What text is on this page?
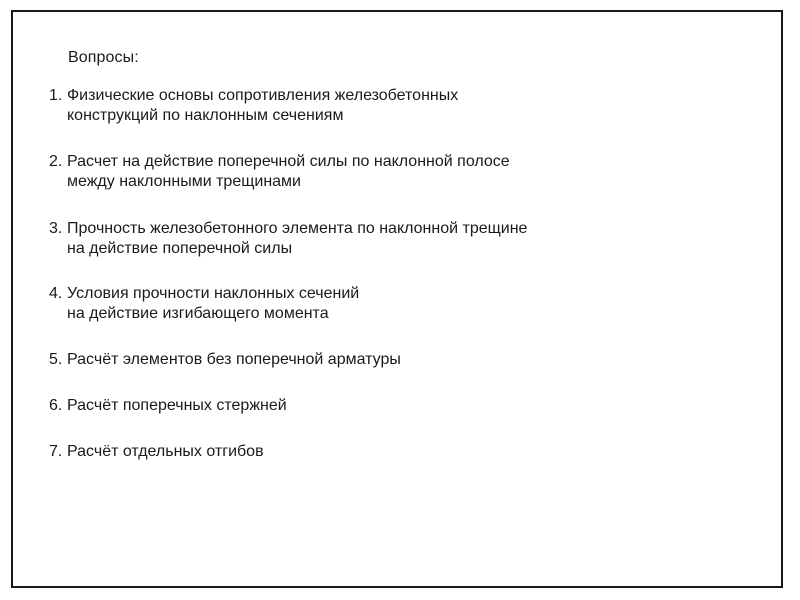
Вопросы:
1. Физические основы сопротивления железобетонных
конструкций по наклонным сечениям
2. Расчет на действие поперечной силы по наклонной полосе
между наклонными трещинами
3. Прочность железобетонного элемента по наклонной трещине
на действие поперечной силы
4. Условия прочности наклонных сечений
на действие изгибающего момента
5. Расчёт элементов без поперечной арматуры
6. Расчёт поперечных стержней
7. Расчёт отдельных отгибов
